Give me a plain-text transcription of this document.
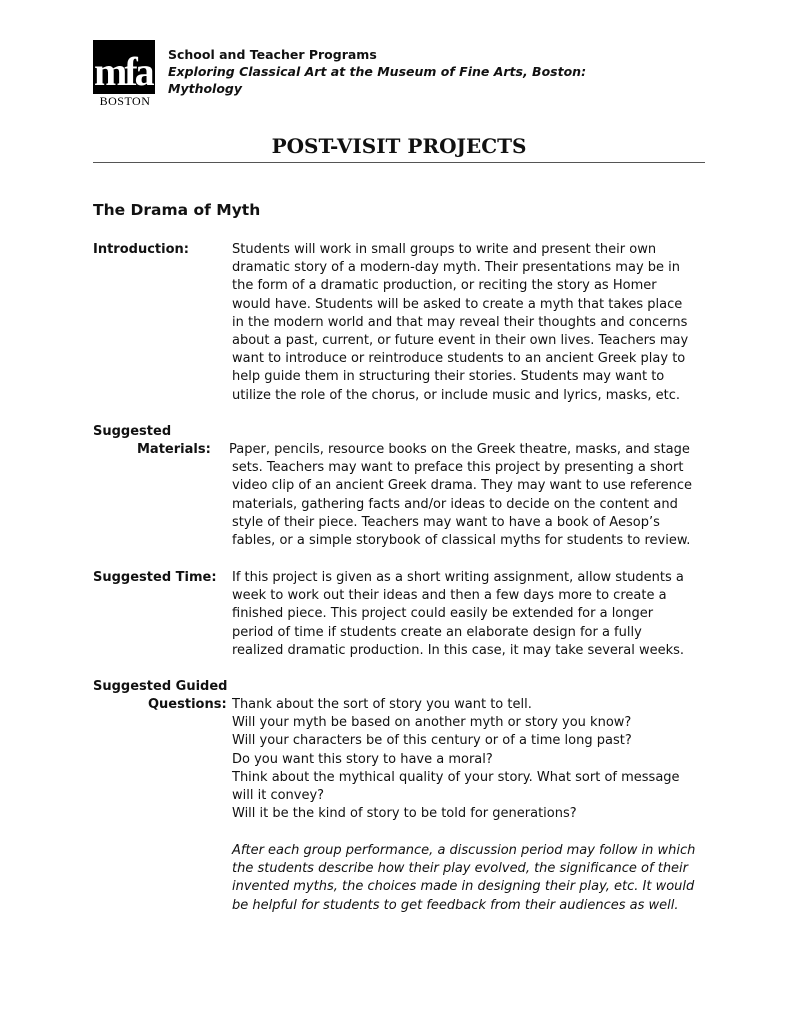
mfa
BOSTON
School and Teacher Programs
Exploring Classical Art at the Museum of Fine Arts, Boston:
Mythology
POST-VISIT PROJECTS
The Drama of Myth
Introduction:	Students will work in small groups to write and present their own
dramatic story of a modern-day myth. Their presentations may be in
the form of a dramatic production, or reciting the story as Homer
would have. Students will be asked to create a myth that takes place
in the modern world and that may reveal their thoughts and concerns
about a past, current, or future event in their own lives. Teachers may
want to introduce or reintroduce students to an ancient Greek play to
help guide them in structuring their stories. Students may want to
utilize the role of the chorus, or include music and lyrics, masks, etc.
Suggested
Materials: Paper, pencils, resource books on the Greek theatre, masks, and stage
sets. Teachers may want to preface this project by presenting a short
video clip of an ancient Greek drama. They may want to use reference
materials, gathering facts and/or ideas to decide on the content and
style of their piece. Teachers may want to have a book of Aesop’s
fables, or a simple storybook of classical myths for students to review.
Suggested Time: If this project is given as a short writing assignment, allow students a
week to work out their ideas and then a few days more to create a
finished piece. This project could easily be extended for a longer
period of time if students create an elaborate design for a fully
realized dramatic production. In this case, it may take several weeks.
Suggested Guided
Questions: Thank about the sort of story you want to tell.
Will your myth be based on another myth or story you know?
Will your characters be of this century or of a time long past?
Do you want this story to have a moral?
Think about the mythical quality of your story. What sort of message
will it convey?
Will it be the kind of story to be told for generations?
After each group performance, a discussion period may follow in which
the students describe how their play evolved, the significance of their
invented myths, the choices made in designing their play, etc. It would
be helpful for students to get feedback from their audiences as well.
